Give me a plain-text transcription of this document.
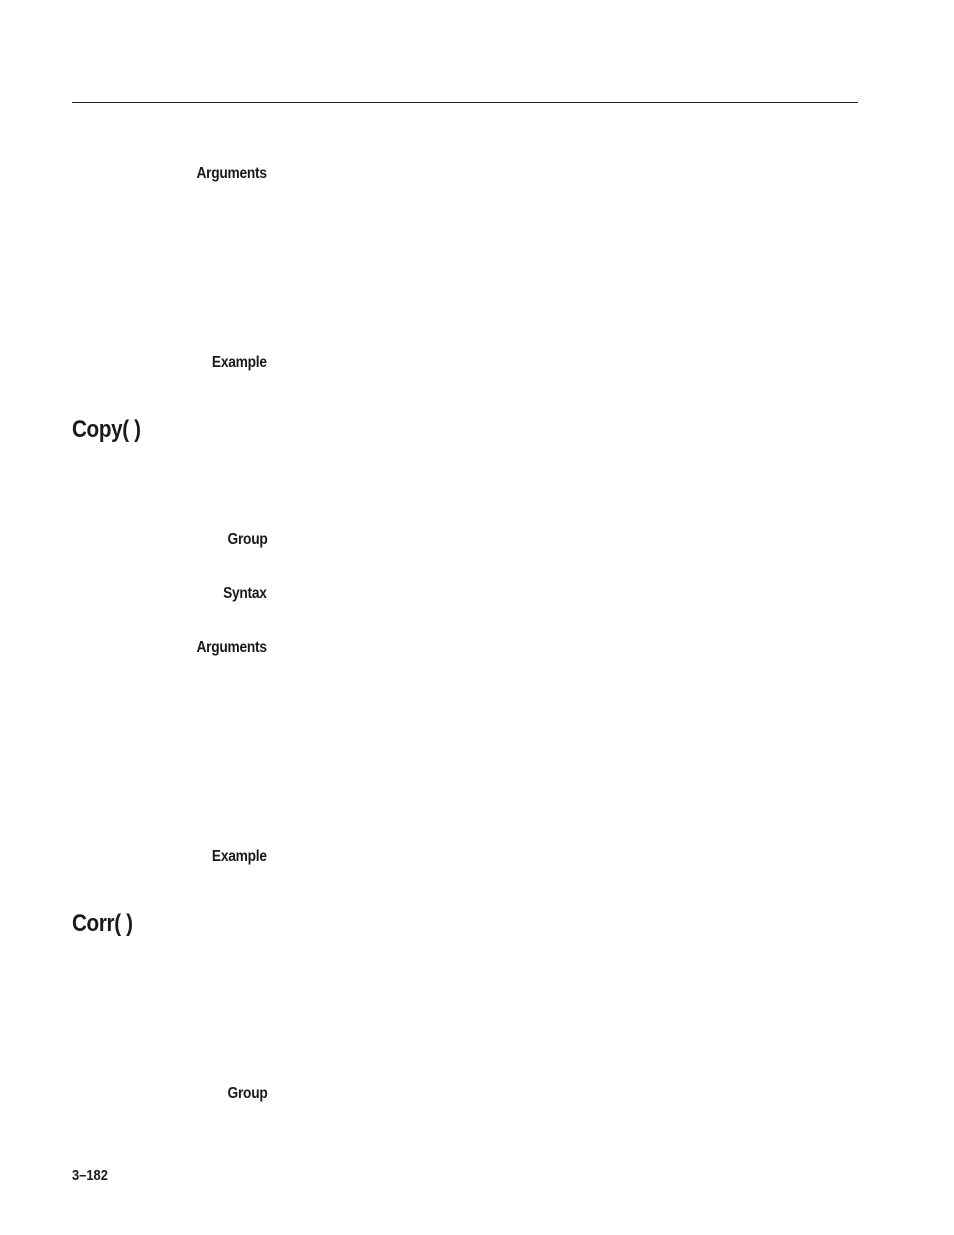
Arguments
Example
Copy( )
Group
Syntax
Arguments
Example
Corr( )
Group
3–182
